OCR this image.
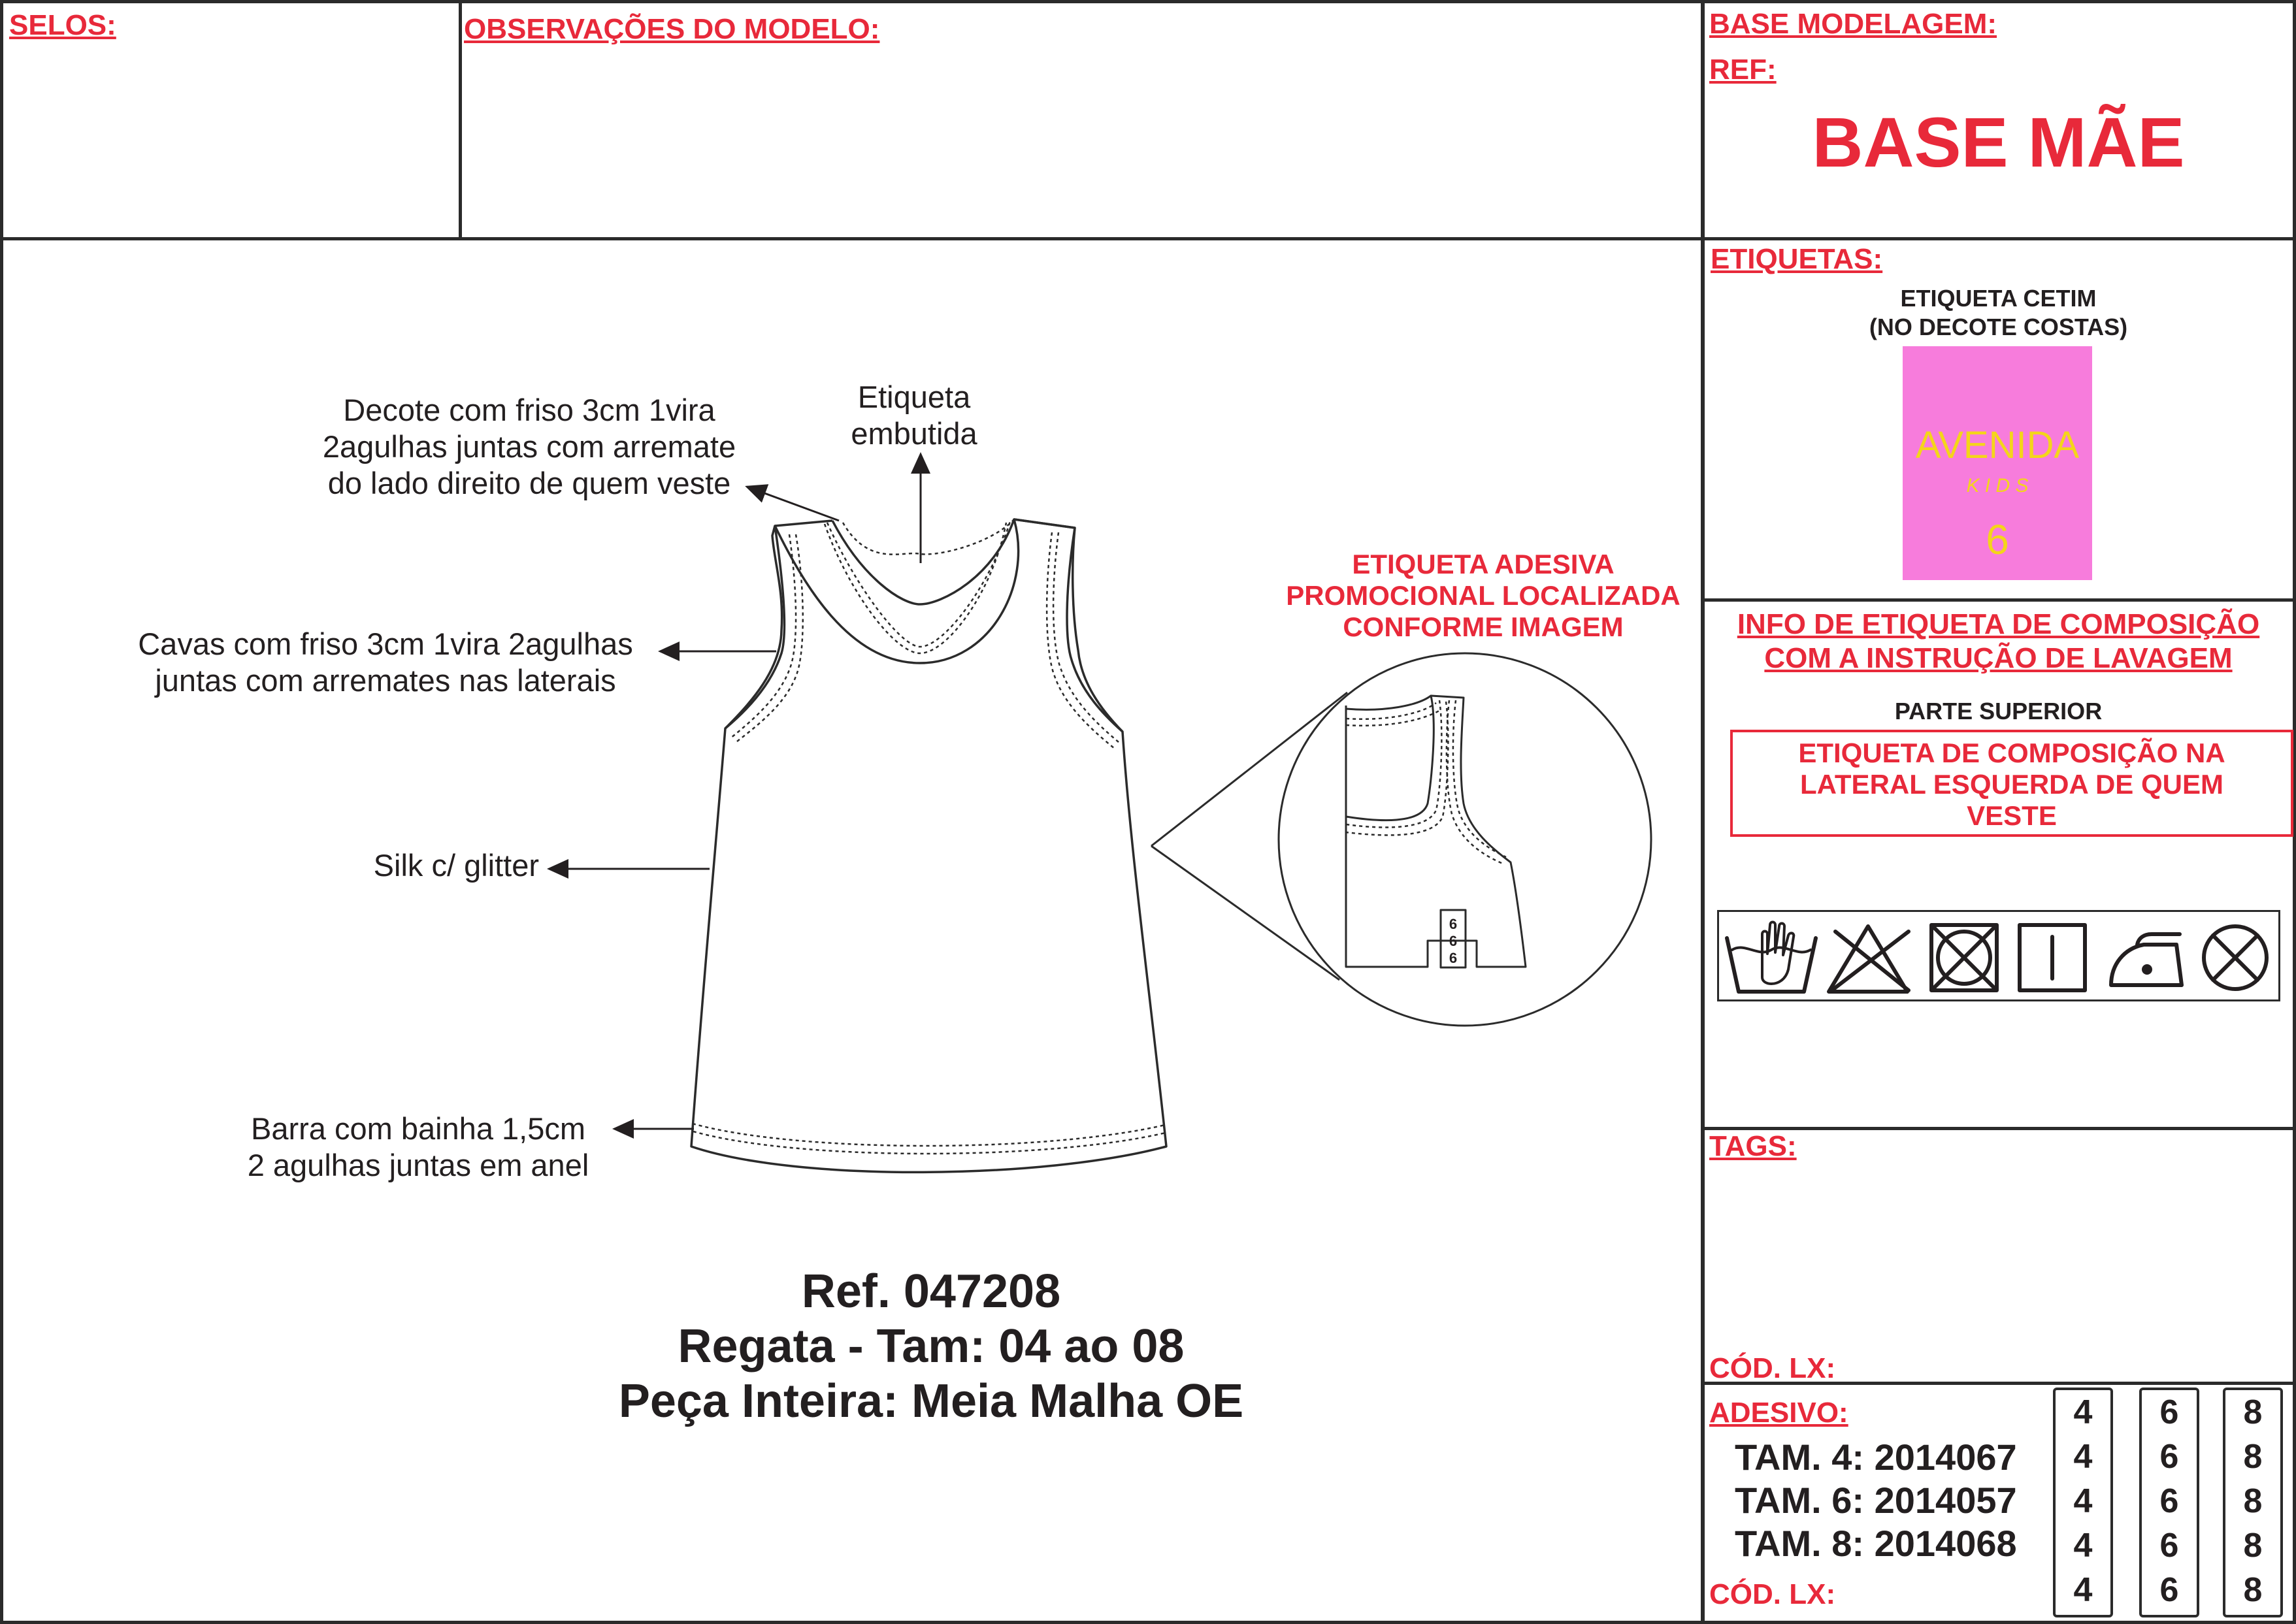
SELOS:	OBSERVAÇÕES DO MODELO:	BASE MODELAGEM:
REF:
BASE MÃE
6
6
6
Decote com friso 3cm 1vira
2agulhas juntas com arremate
do lado direito de quem veste
Etiqueta
embutida
Cavas com friso 3cm 1vira 2agulhas
juntas com arremates nas laterais
Silk c/ glitter
Barra com bainha 1,5cm
2 agulhas juntas em anel
ETIQUETA ADESIVA
PROMOCIONAL LOCALIZADA
CONFORME IMAGEM
Ref. 047208
Regata - Tam: 04 ao 08
Peça Inteira: Meia Malha OE
ETIQUETAS:
ETIQUETA CETIM
(NO DECOTE COSTAS)
AVENIDA
K I D S
6
INFO DE ETIQUETA DE COMPOSIÇÃO
COM A INSTRUÇÃO DE LAVAGEM
PARTE SUPERIOR
ETIQUETA DE COMPOSIÇÃO NA
LATERAL ESQUERDA DE QUEM
VESTE
TAGS:
CÓD. LX:
ADESIVO:
TAM. 4: 2014067
TAM. 6: 2014057
TAM. 8: 2014068
CÓD. LX:
4
4
4
4
4
6
6
6
6
6
8
8
8
8
8
